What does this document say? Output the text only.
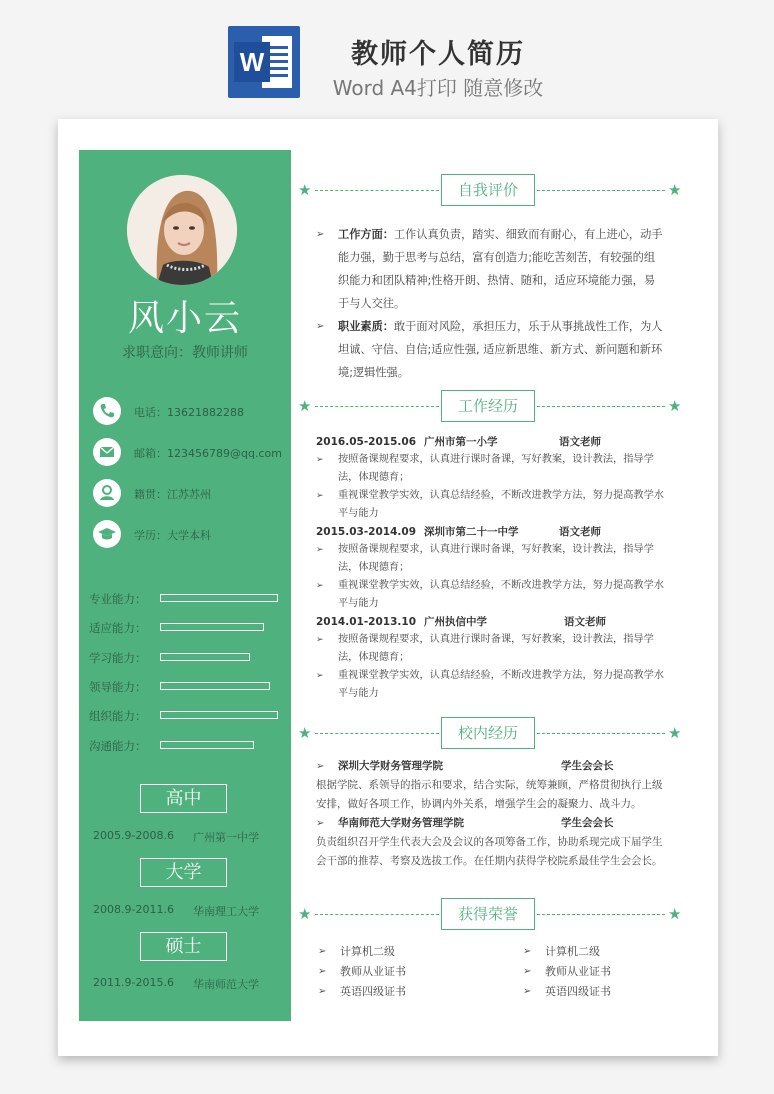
W	教师个人简历
Word A4打印 随意修改
风小云
求职意向：教师讲师
电话：13621882288
邮箱：123456789@qq.com
籍贯：江苏苏州
学历：大学本科
专业能力：
适应能力：
学习能力：
领导能力：
组织能力：
沟通能力：
高中
2005.9-2008.6 广州第一中学
大学
2008.9-2011.6 华南理工大学
硕士
2011.9-2015.6 华南师范大学
★	自我评价	★
➢ 工作方面：工作认真负责，踏实、细致而有耐心，有上进心，动手能力强，勤于思考与总结，富有创造力;能吃苦刻苦，有较强的组织能力和团队精神;性格开朗、热情、随和，适应环境能力强，易于与人交往。
➢ 职业素质：敢于面对风险，承担压力，乐于从事挑战性工作，为人坦诚、守信、自信;适应性强, 适应新思维、新方式、新问题和新环境;逻辑性强。
★	工作经历	★
2016.05-2015.06 广州市第一小学	语文老师
➢ 按照备课规程要求，认真进行课时备课，写好教案，设计教法，指导学法，体现德育；
➢ 重视课堂教学实效，认真总结经验，不断改进教学方法，努力提高教学水平与能力
2015.03-2014.09 深圳市第二十一中学	语文老师
➢ 按照备课规程要求，认真进行课时备课，写好教案，设计教法，指导学法，体现德育；
➢ 重视课堂教学实效，认真总结经验，不断改进教学方法，努力提高教学水平与能力
2014.01-2013.10 广州执信中学	语文老师
➢ 按照备课规程要求，认真进行课时备课，写好教案，设计教法，指导学法，体现德育；
➢ 重视课堂教学实效，认真总结经验，不断改进教学方法，努力提高教学水平与能力
★	校内经历	★
➢ 深圳大学财务管理学院	学生会会长

根据学院、系领导的指示和要求，结合实际，统筹兼顾，严格贯彻执行上级安排，做好各项工作，协调内外关系，增强学生会的凝聚力、战斗力。

➢ 华南师范大学财务管理学院	学生会会长

负责组织召开学生代表大会及会议的各项筹备工作，协助系现完成下届学生会干部的推荐、考察及选拔工作。在任期内获得学校院系最佳学生会会长。

★	获得荣誉	★
➢ 计算机二级
➢ 教师从业证书
➢ 英语四级证书
➢ 计算机二级
➢ 教师从业证书
➢ 英语四级证书
